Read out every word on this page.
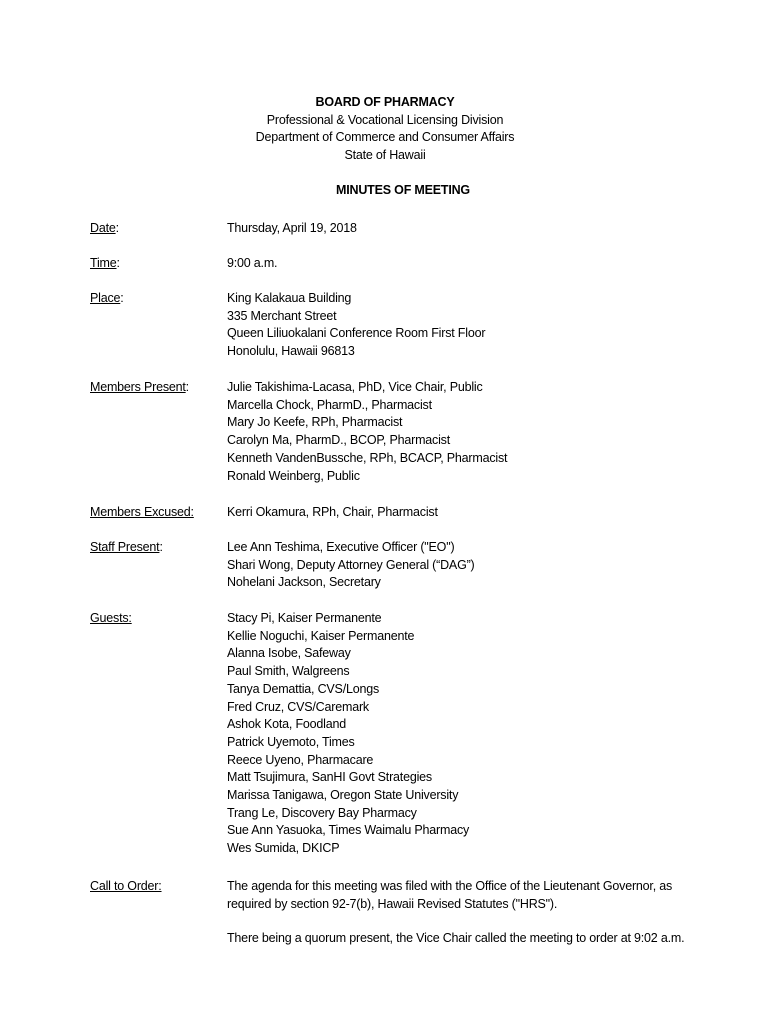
BOARD OF PHARMACY
Professional & Vocational Licensing Division
Department of Commerce and Consumer Affairs
State of Hawaii
MINUTES OF MEETING
Date:	Thursday, April 19, 2018
Time:	9:00 a.m.
Place:	King Kalakaua Building
335 Merchant Street
Queen Liliuokalani Conference Room First Floor
Honolulu, Hawaii 96813
Members Present:	Julie Takishima-Lacasa, PhD, Vice Chair, Public
Marcella Chock, PharmD., Pharmacist
Mary Jo Keefe, RPh, Pharmacist
Carolyn Ma, PharmD., BCOP, Pharmacist
Kenneth VandenBussche, RPh, BCACP, Pharmacist
Ronald Weinberg, Public
Members Excused:	Kerri Okamura, RPh, Chair, Pharmacist
Staff Present:	Lee Ann Teshima, Executive Officer ("EO")
Shari Wong, Deputy Attorney General (“DAG”)
Nohelani Jackson, Secretary
Guests:	Stacy Pi, Kaiser Permanente
Kellie Noguchi, Kaiser Permanente
Alanna Isobe, Safeway
Paul Smith, Walgreens
Tanya Demattia, CVS/Longs
Fred Cruz, CVS/Caremark
Ashok Kota, Foodland
Patrick Uyemoto, Times
Reece Uyeno, Pharmacare
Matt Tsujimura, SanHI Govt Strategies
Marissa Tanigawa, Oregon State University
Trang Le, Discovery Bay Pharmacy
Sue Ann Yasuoka, Times Waimalu Pharmacy
Wes Sumida, DKICP
Call to Order:	The agenda for this meeting was filed with the Office of the Lieutenant Governor, as
required by section 92-7(b), Hawaii Revised Statutes ("HRS").
There being a quorum present, the Vice Chair called the meeting to order at 9:02 a.m.
